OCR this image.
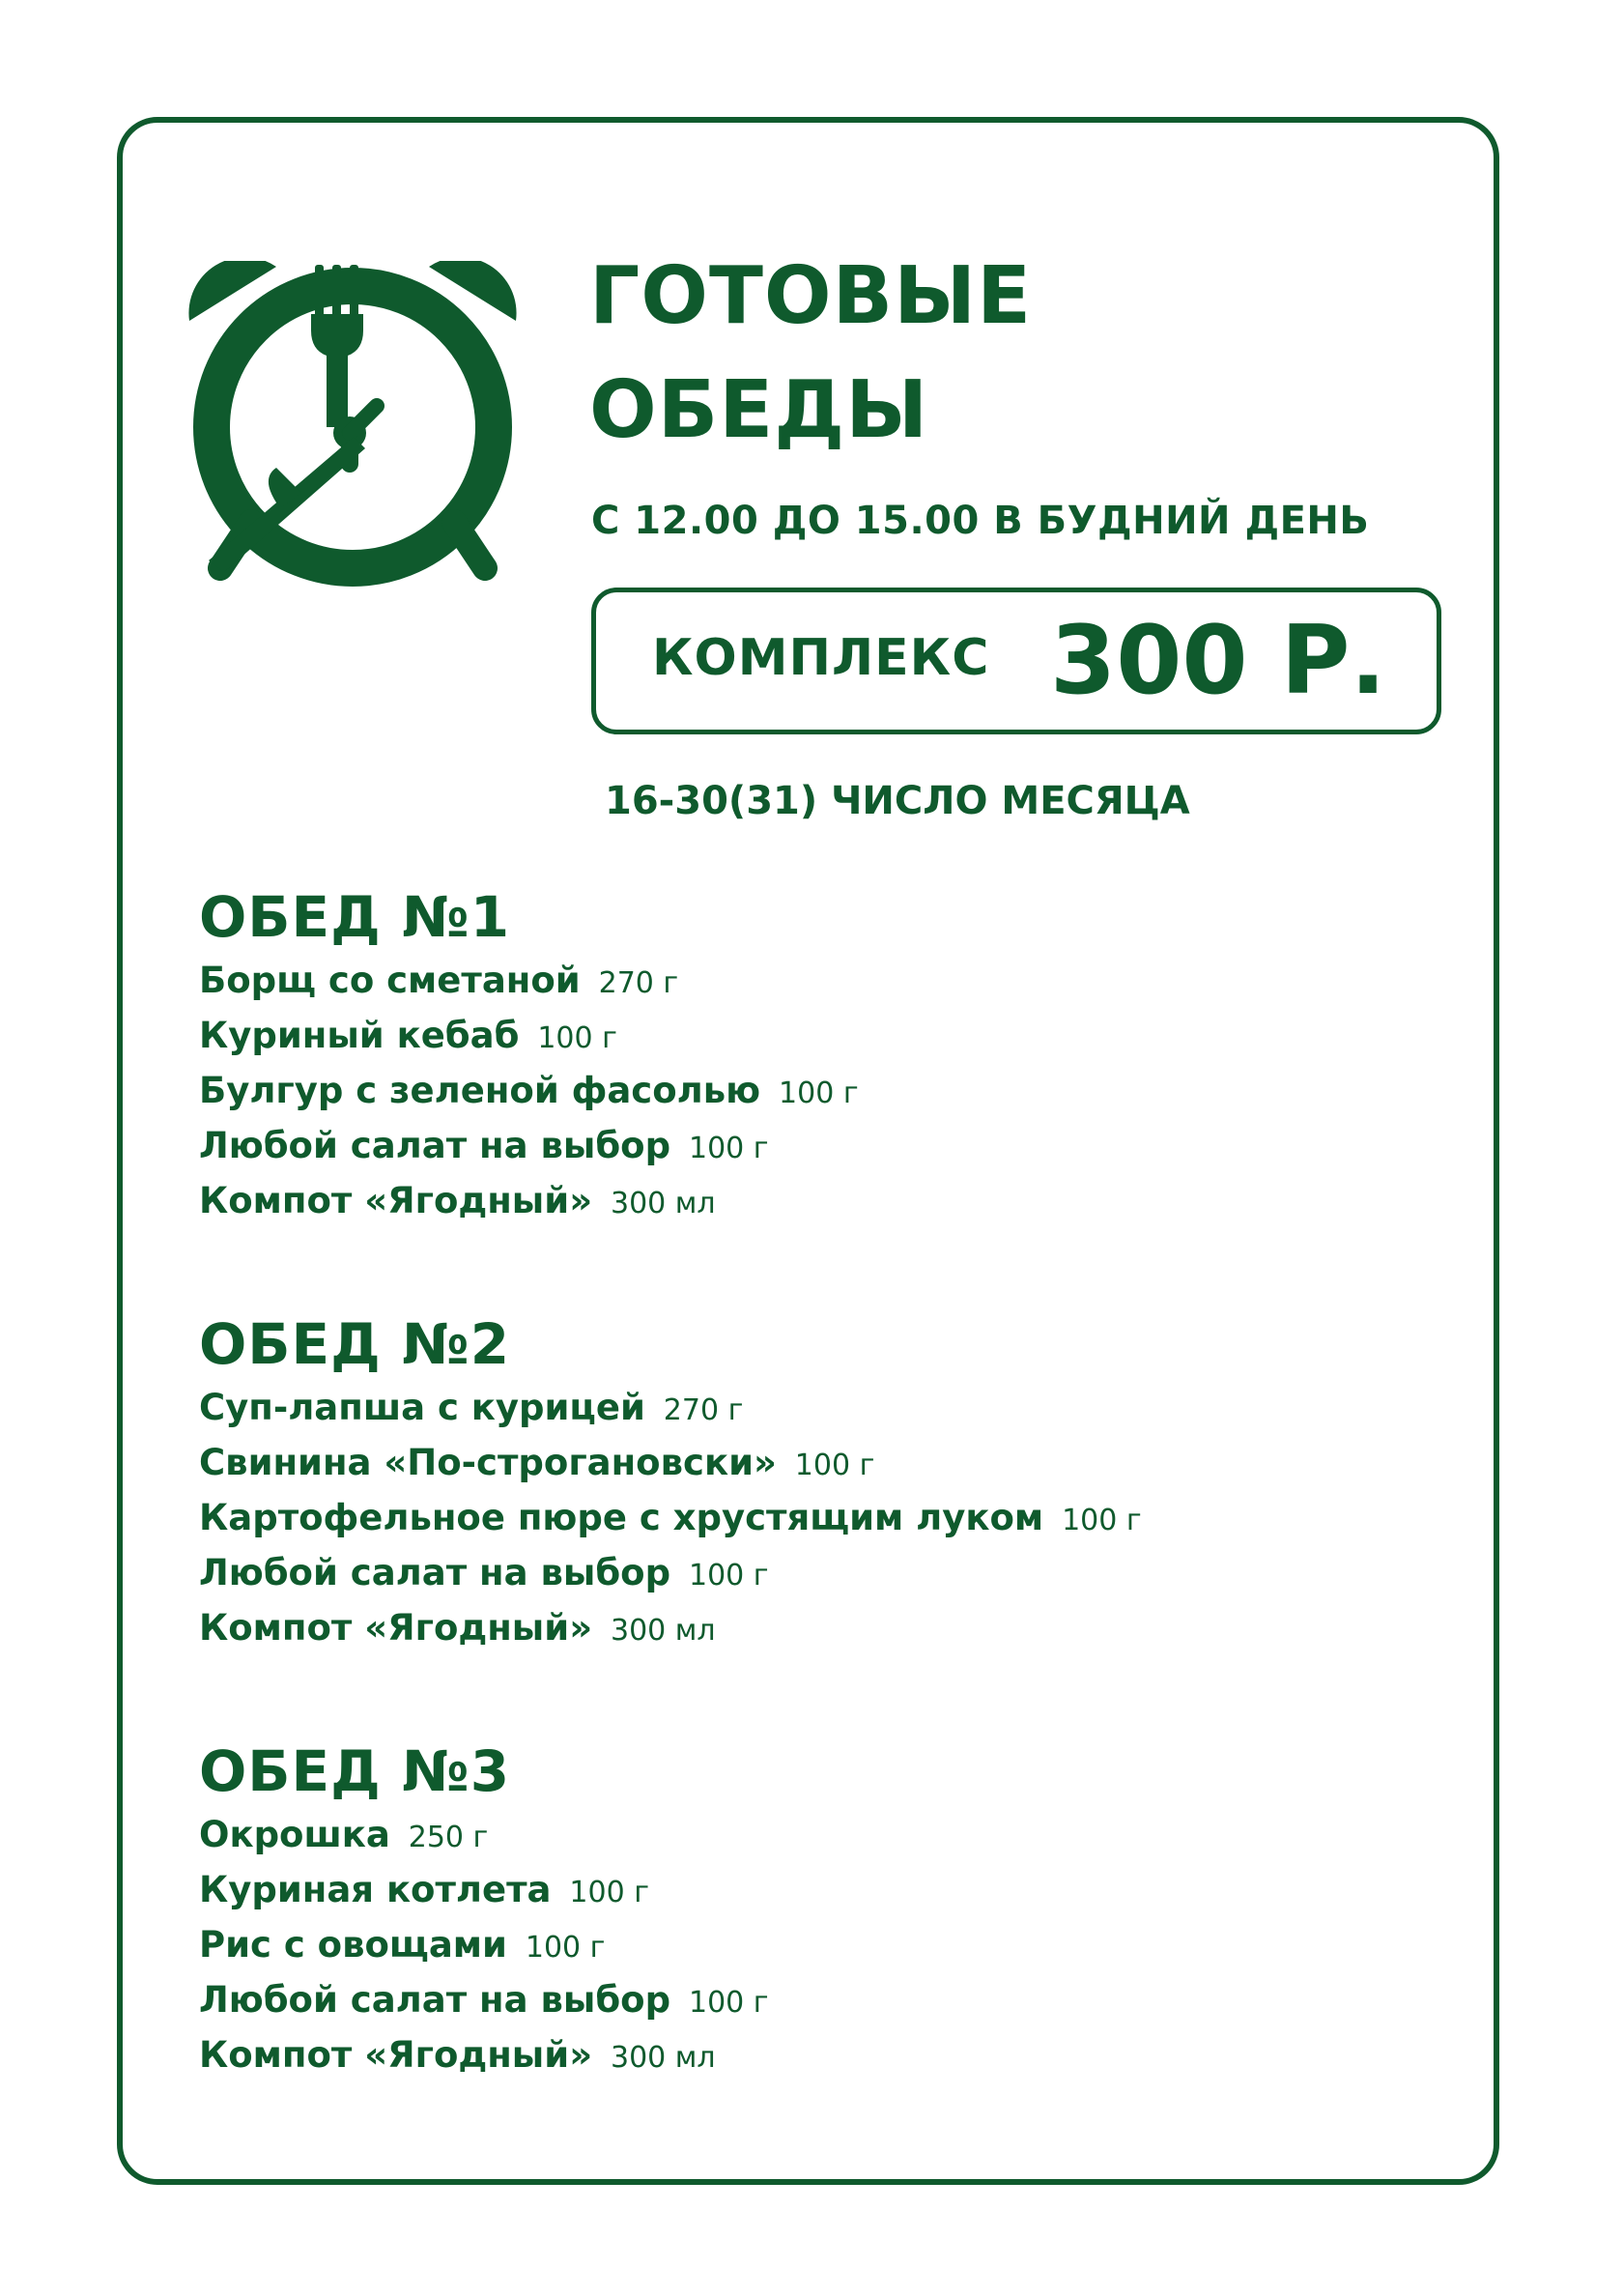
ГОТОВЫЕ
ОБЕДЫ
С 12.00 ДО 15.00 В БУДНИЙ ДЕНЬ
КОМПЛЕКС 300 Р.
16-30(31) ЧИСЛО МЕСЯЦА
ОБЕД №1
Борщ со сметаной 270 г
Куриный кебаб 100 г
Булгур с зеленой фасолью 100 г
Любой салат на выбор 100 г
Компот «Ягодный» 300 мл
ОБЕД №2
Суп-лапша с курицей 270 г
Свинина «По-строгановски» 100 г
Картофельное пюре с хрустящим луком 100 г
Любой салат на выбор 100 г
Компот «Ягодный» 300 мл
ОБЕД №3
Окрошка 250 г
Куриная котлета 100 г
Рис с овощами 100 г
Любой салат на выбор 100 г
Компот «Ягодный» 300 мл
